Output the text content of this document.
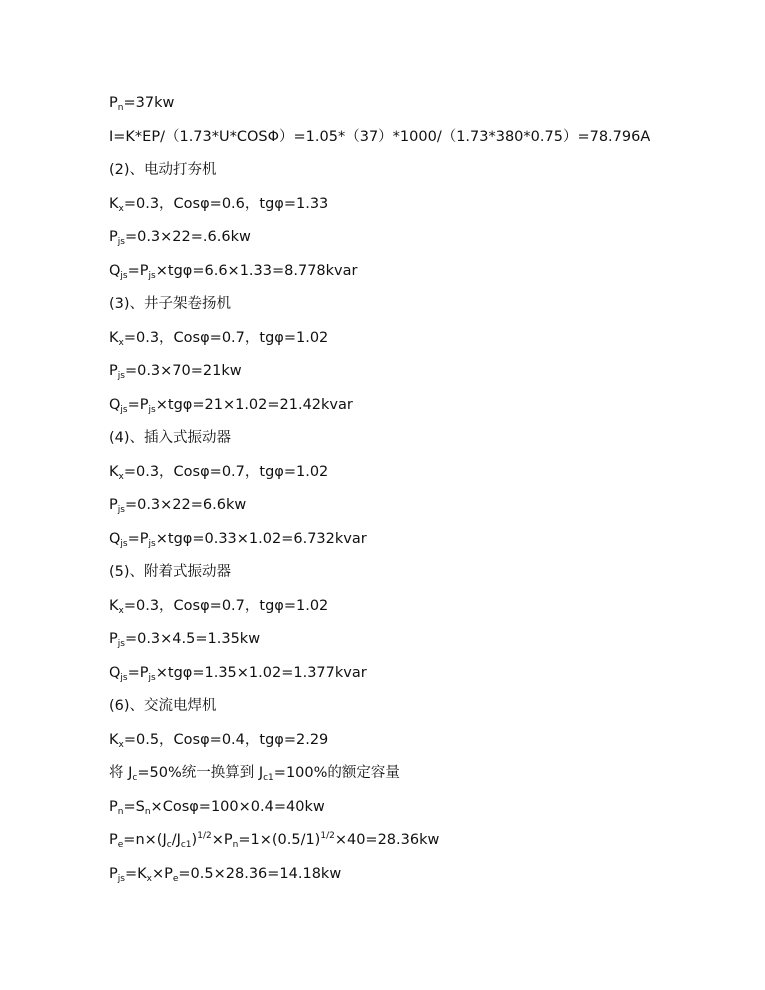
$P_n=37kw$
I=K*EP/（1.73*U*COSΦ）=1.05*（37）*1000/（1.73*380*0.75）=78.796A
(2)、电动打夯机
$K_x=0.3$，Cosφ=0.6，tgφ=1.33
$P_{js}=0.3\times 22=.6.6kw$
$Q_{js}=P_{js}\times tg\varphi=6.6\times 1.33=8.778kvar$
(3)、井子架卷扬机
$K_x=0.3$，Cosφ=0.7，tgφ=1.02
$P_{js}=0.3\times 70=21kw$
$Q_{js}=P_{js}\times tg\varphi=21\times 1.02=21.42kvar$
(4)、插入式振动器
$K_x=0.3$，Cosφ=0.7，tgφ=1.02
$P_{js}=0.3\times 22=6.6kw$
$Q_{js}=P_{js}\times tg\varphi=0.33\times 1.02=6.732kvar$
(5)、附着式振动器
$K_x=0.3$，Cosφ=0.7，tgφ=1.02
$P_{js}=0.3\times 4.5=1.35kw$
$Q_{js}=P_{js}\times tg\varphi=1.35\times 1.02=1.377kvar$
(6)、交流电焊机
$K_x=0.5$，Cosφ=0.4，tgφ=2.29
将 $J_c=50\%$统一换算到 $J_{c1}=100\%$的额定容量
$P_n=S_n\times Cos\varphi=100\times 0.4=40kw$
$P_e=n\times(J_c/J_{c1})^{1/2}\times P_n=1\times(0.5/1)^{1/2}\times 40=28.36kw$
$P_{js}=K_x\times P_e=0.5\times 28.36=14.18kw$
